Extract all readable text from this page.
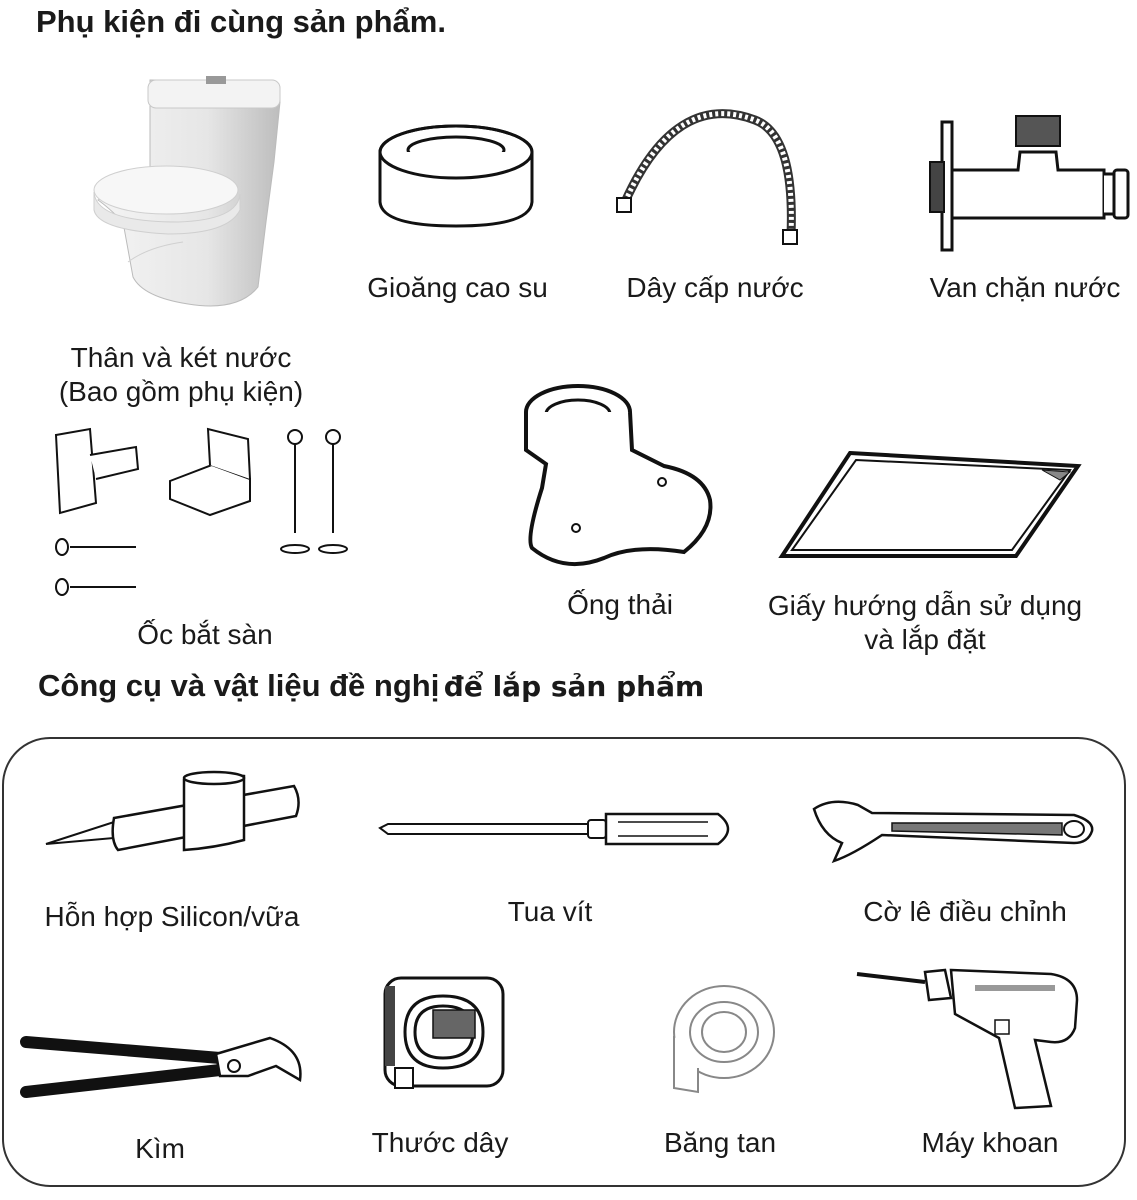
Phụ kiện đi cùng sản phẩm.
Thân và két nước
(Bao gồm phụ kiện)
Gioăng cao su	Dây cấp nước	Van chặn nước
Ốc bắt sàn
Ống thải	Giấy hướng dẫn sử dụng
và lắp đặt
Công cụ và vật liệu đề nghị để lắp sản phẩm
Hỗn hợp Silicon/vữa	Tua vít	Cờ lê điều chỉnh
Kìm	Thước dây	Băng tan	Máy khoan
